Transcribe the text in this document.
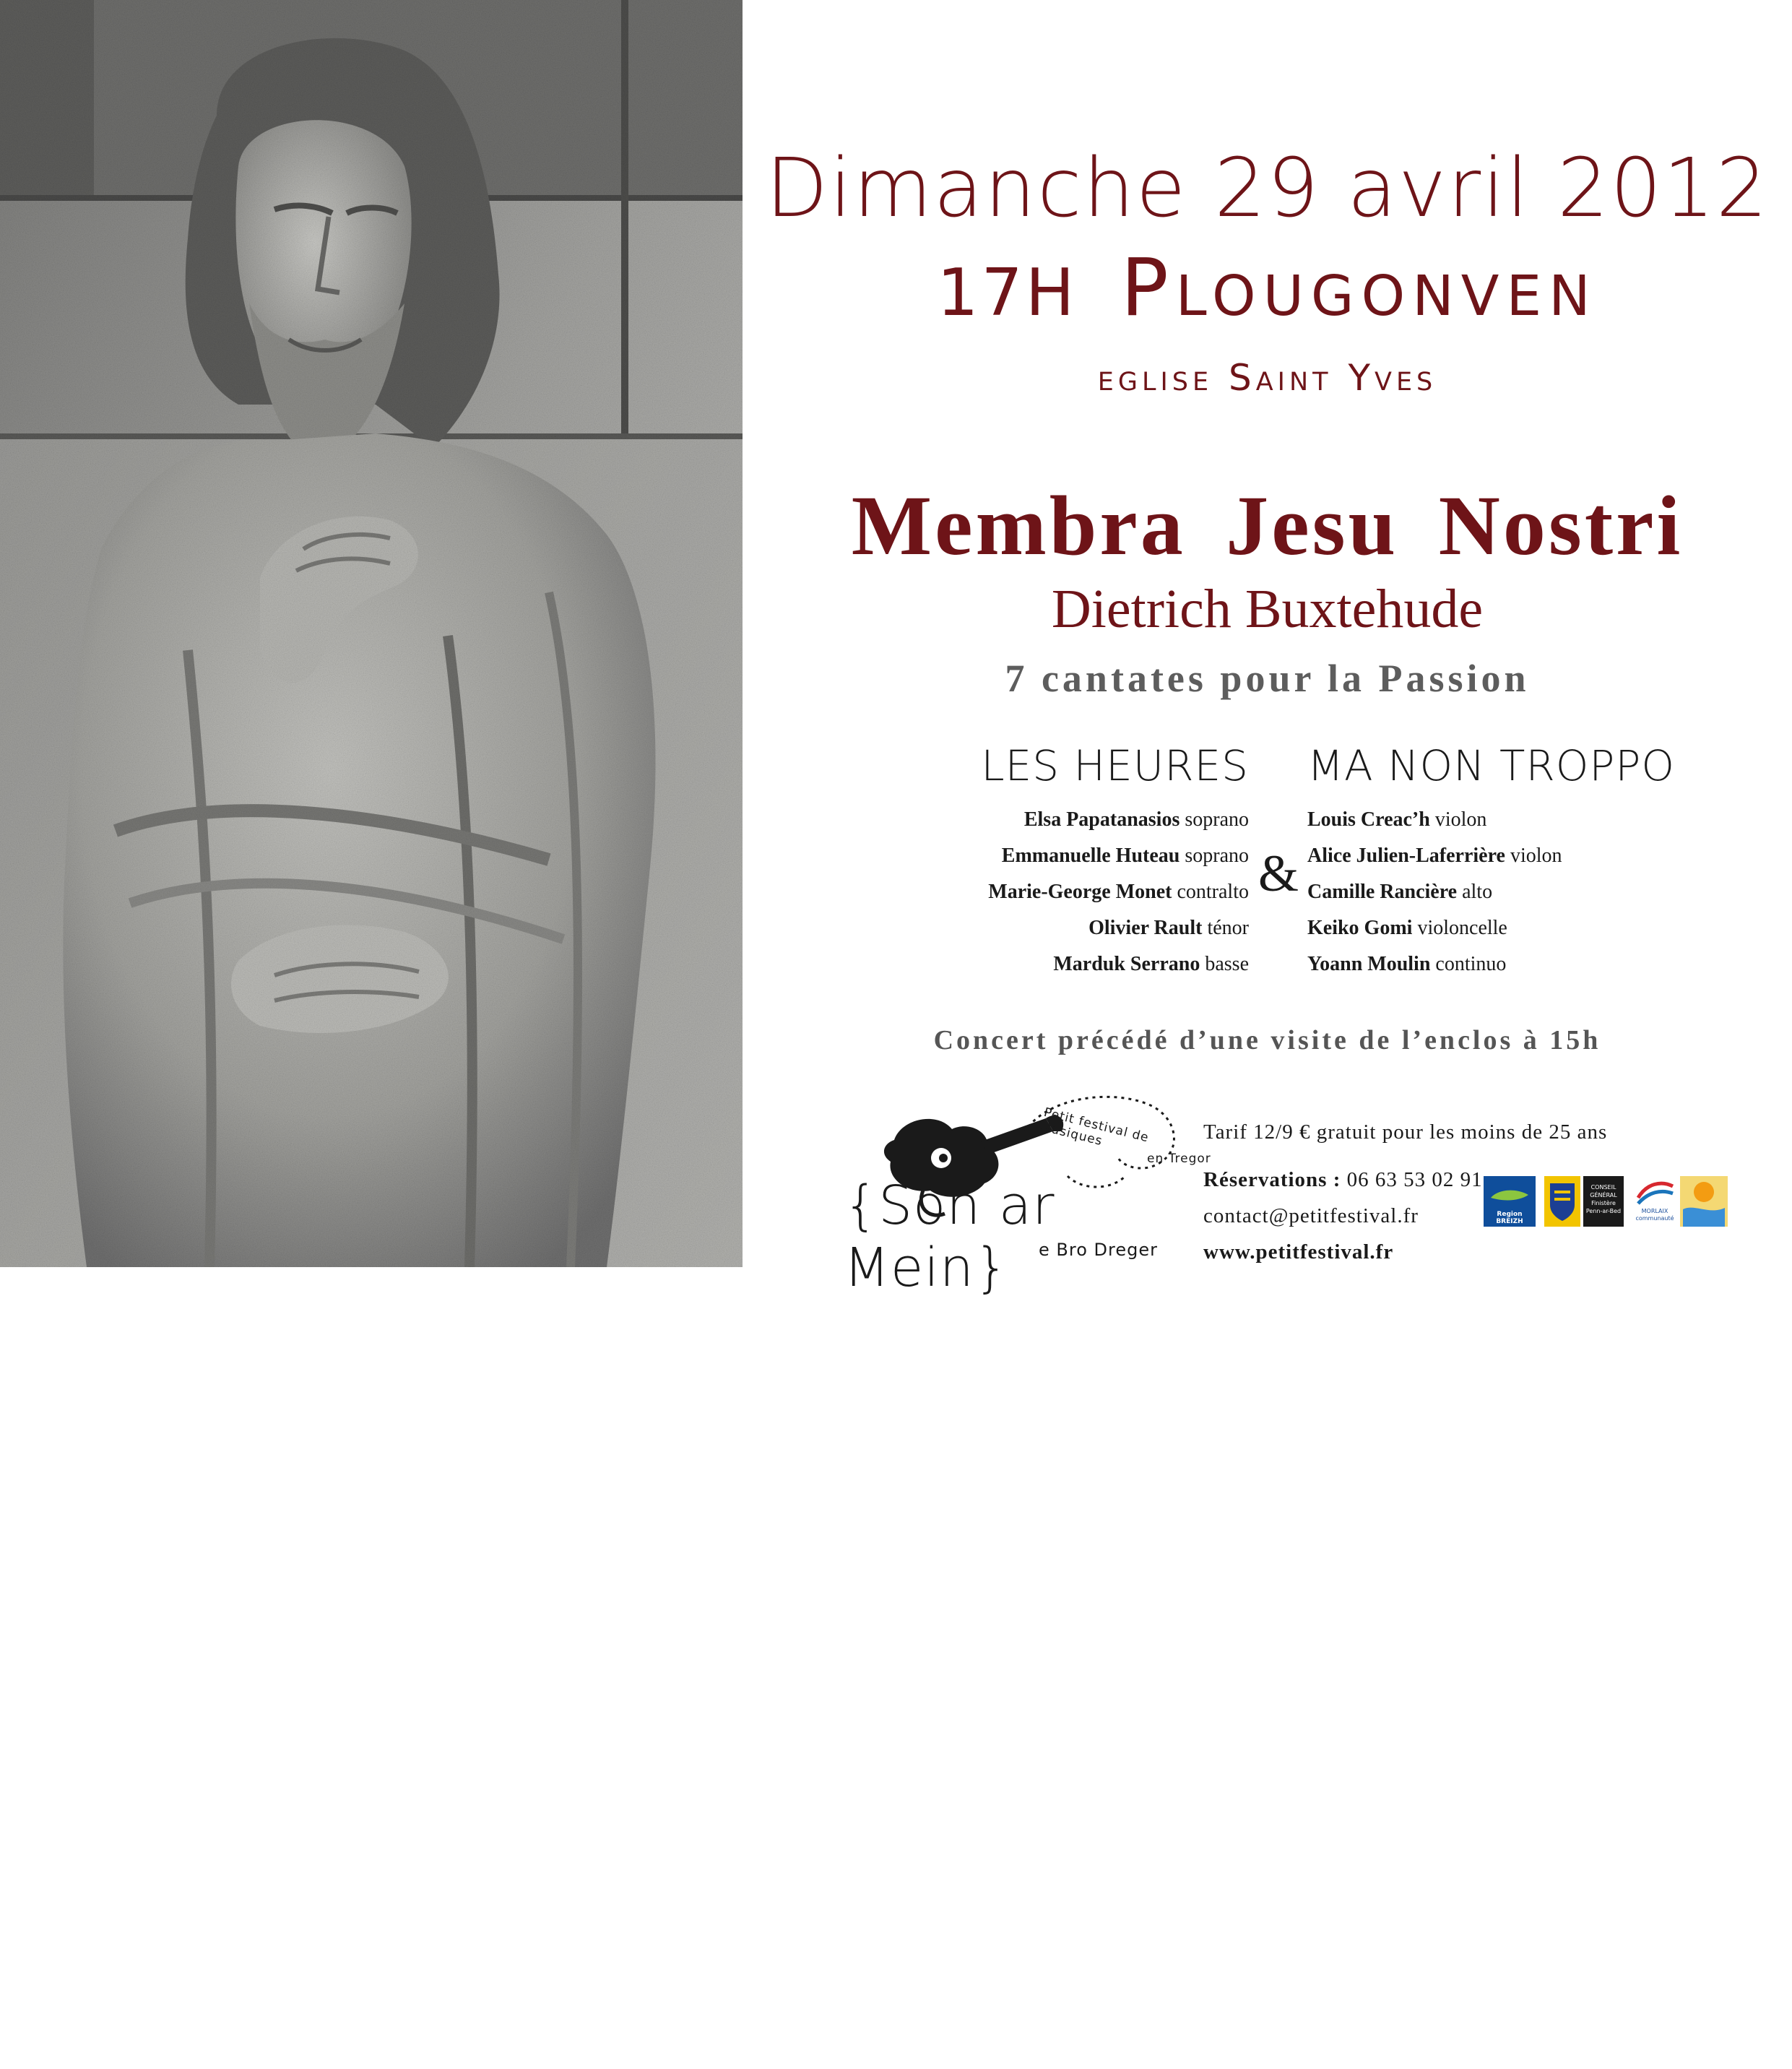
Dimanche 29 avril 2012
17H Plougonven
eglise Saint Yves
Membra Jesu Nostri
Dietrich Buxtehude
7 cantates pour la Passion
LES HEURES MA NON TROPPO
Elsa Papatanasios soprano
Emmanuelle Huteau soprano
Marie-George Monet contralto
Olivier Rault ténor
Marduk Serrano basse
&
Louis Creac’h violon
Alice Julien-Laferrière violon
Camille Rancière alto
Keiko Gomi violoncelle
Yoann Moulin continuo
Concert précédé d’une visite de l’enclos à 15h
Petit festival de Musiques
en Tregor
{Son ar Mein}	e Bro Dreger
Tarif 12/9 € gratuit pour les moins de 25 ans
Réservations : 06 63 53 02 91
contact@petitfestival.fr
www.petitfestival.fr
Region BREIZH
CONSEIL GÉNÉRAL Finistère Penn-ar-Bed	MORLAIX communauté
